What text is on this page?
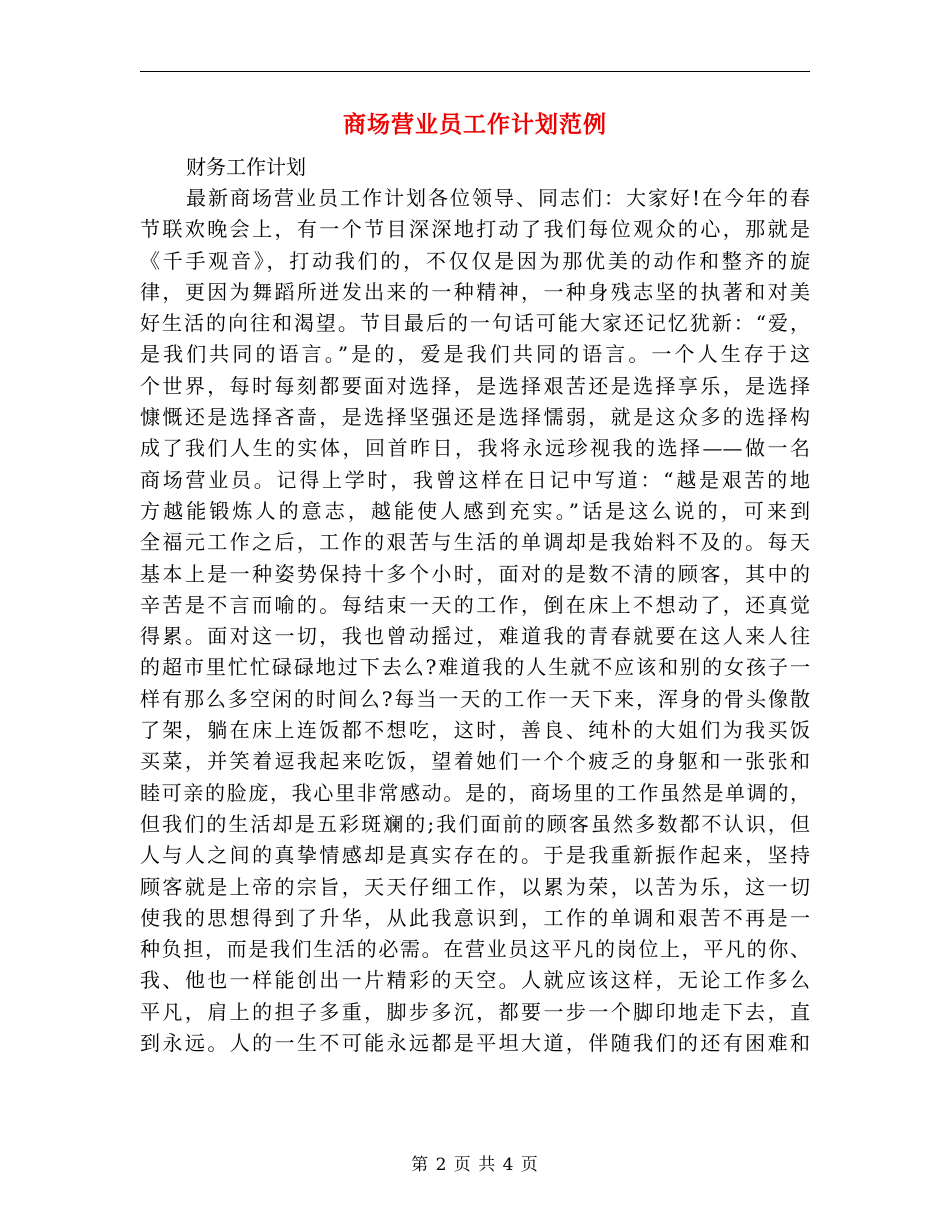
商场营业员工作计划范例

财务工作计划

最新商场营业员工作计划各位领导、同志们：大家好!在今年的春
节联欢晚会上，有一个节目深深地打动了我们每位观众的心，那就是
《千手观音》，打动我们的，不仅仅是因为那优美的动作和整齐的旋
律，更因为舞蹈所迸发出来的一种精神，一种身残志坚的执著和对美
好生活的向往和渴望。节目最后的一句话可能大家还记忆犹新：“爱，
是我们共同的语言。”是的，爱是我们共同的语言。一个人生存于这
个世界，每时每刻都要面对选择，是选择艰苦还是选择享乐，是选择
慷慨还是选择吝啬，是选择坚强还是选择懦弱，就是这众多的选择构
成了我们人生的实体，回首昨日，我将永远珍视我的选择——做一名
商场营业员。记得上学时，我曾这样在日记中写道：“越是艰苦的地
方越能锻炼人的意志，越能使人感到充实。”话是这么说的，可来到
全福元工作之后，工作的艰苦与生活的单调却是我始料不及的。每天
基本上是一种姿势保持十多个小时，面对的是数不清的顾客，其中的
辛苦是不言而喻的。每结束一天的工作，倒在床上不想动了，还真觉
得累。面对这一切，我也曾动摇过，难道我的青春就要在这人来人往
的超市里忙忙碌碌地过下去么?难道我的人生就不应该和别的女孩子一
样有那么多空闲的时间么?每当一天的工作一天下来，浑身的骨头像散
了架，躺在床上连饭都不想吃，这时，善良、纯朴的大姐们为我买饭
买菜，并笑着逗我起来吃饭，望着她们一个个疲乏的身躯和一张张和
睦可亲的脸庞，我心里非常感动。是的，商场里的工作虽然是单调的，
但我们的生活却是五彩斑斓的;我们面前的顾客虽然多数都不认识，但
人与人之间的真挚情感却是真实存在的。于是我重新振作起来，坚持
顾客就是上帝的宗旨，天天仔细工作，以累为荣，以苦为乐，这一切
使我的思想得到了升华，从此我意识到，工作的单调和艰苦不再是一
种负担，而是我们生活的必需。在营业员这平凡的岗位上，平凡的你、
我、他也一样能创出一片精彩的天空。人就应该这样，无论工作多么
平凡，肩上的担子多重，脚步多沉，都要一步一个脚印地走下去，直
到永远。人的一生不可能永远都是平坦大道，伴随我们的还有困难和
第 2 页 共 4 页
